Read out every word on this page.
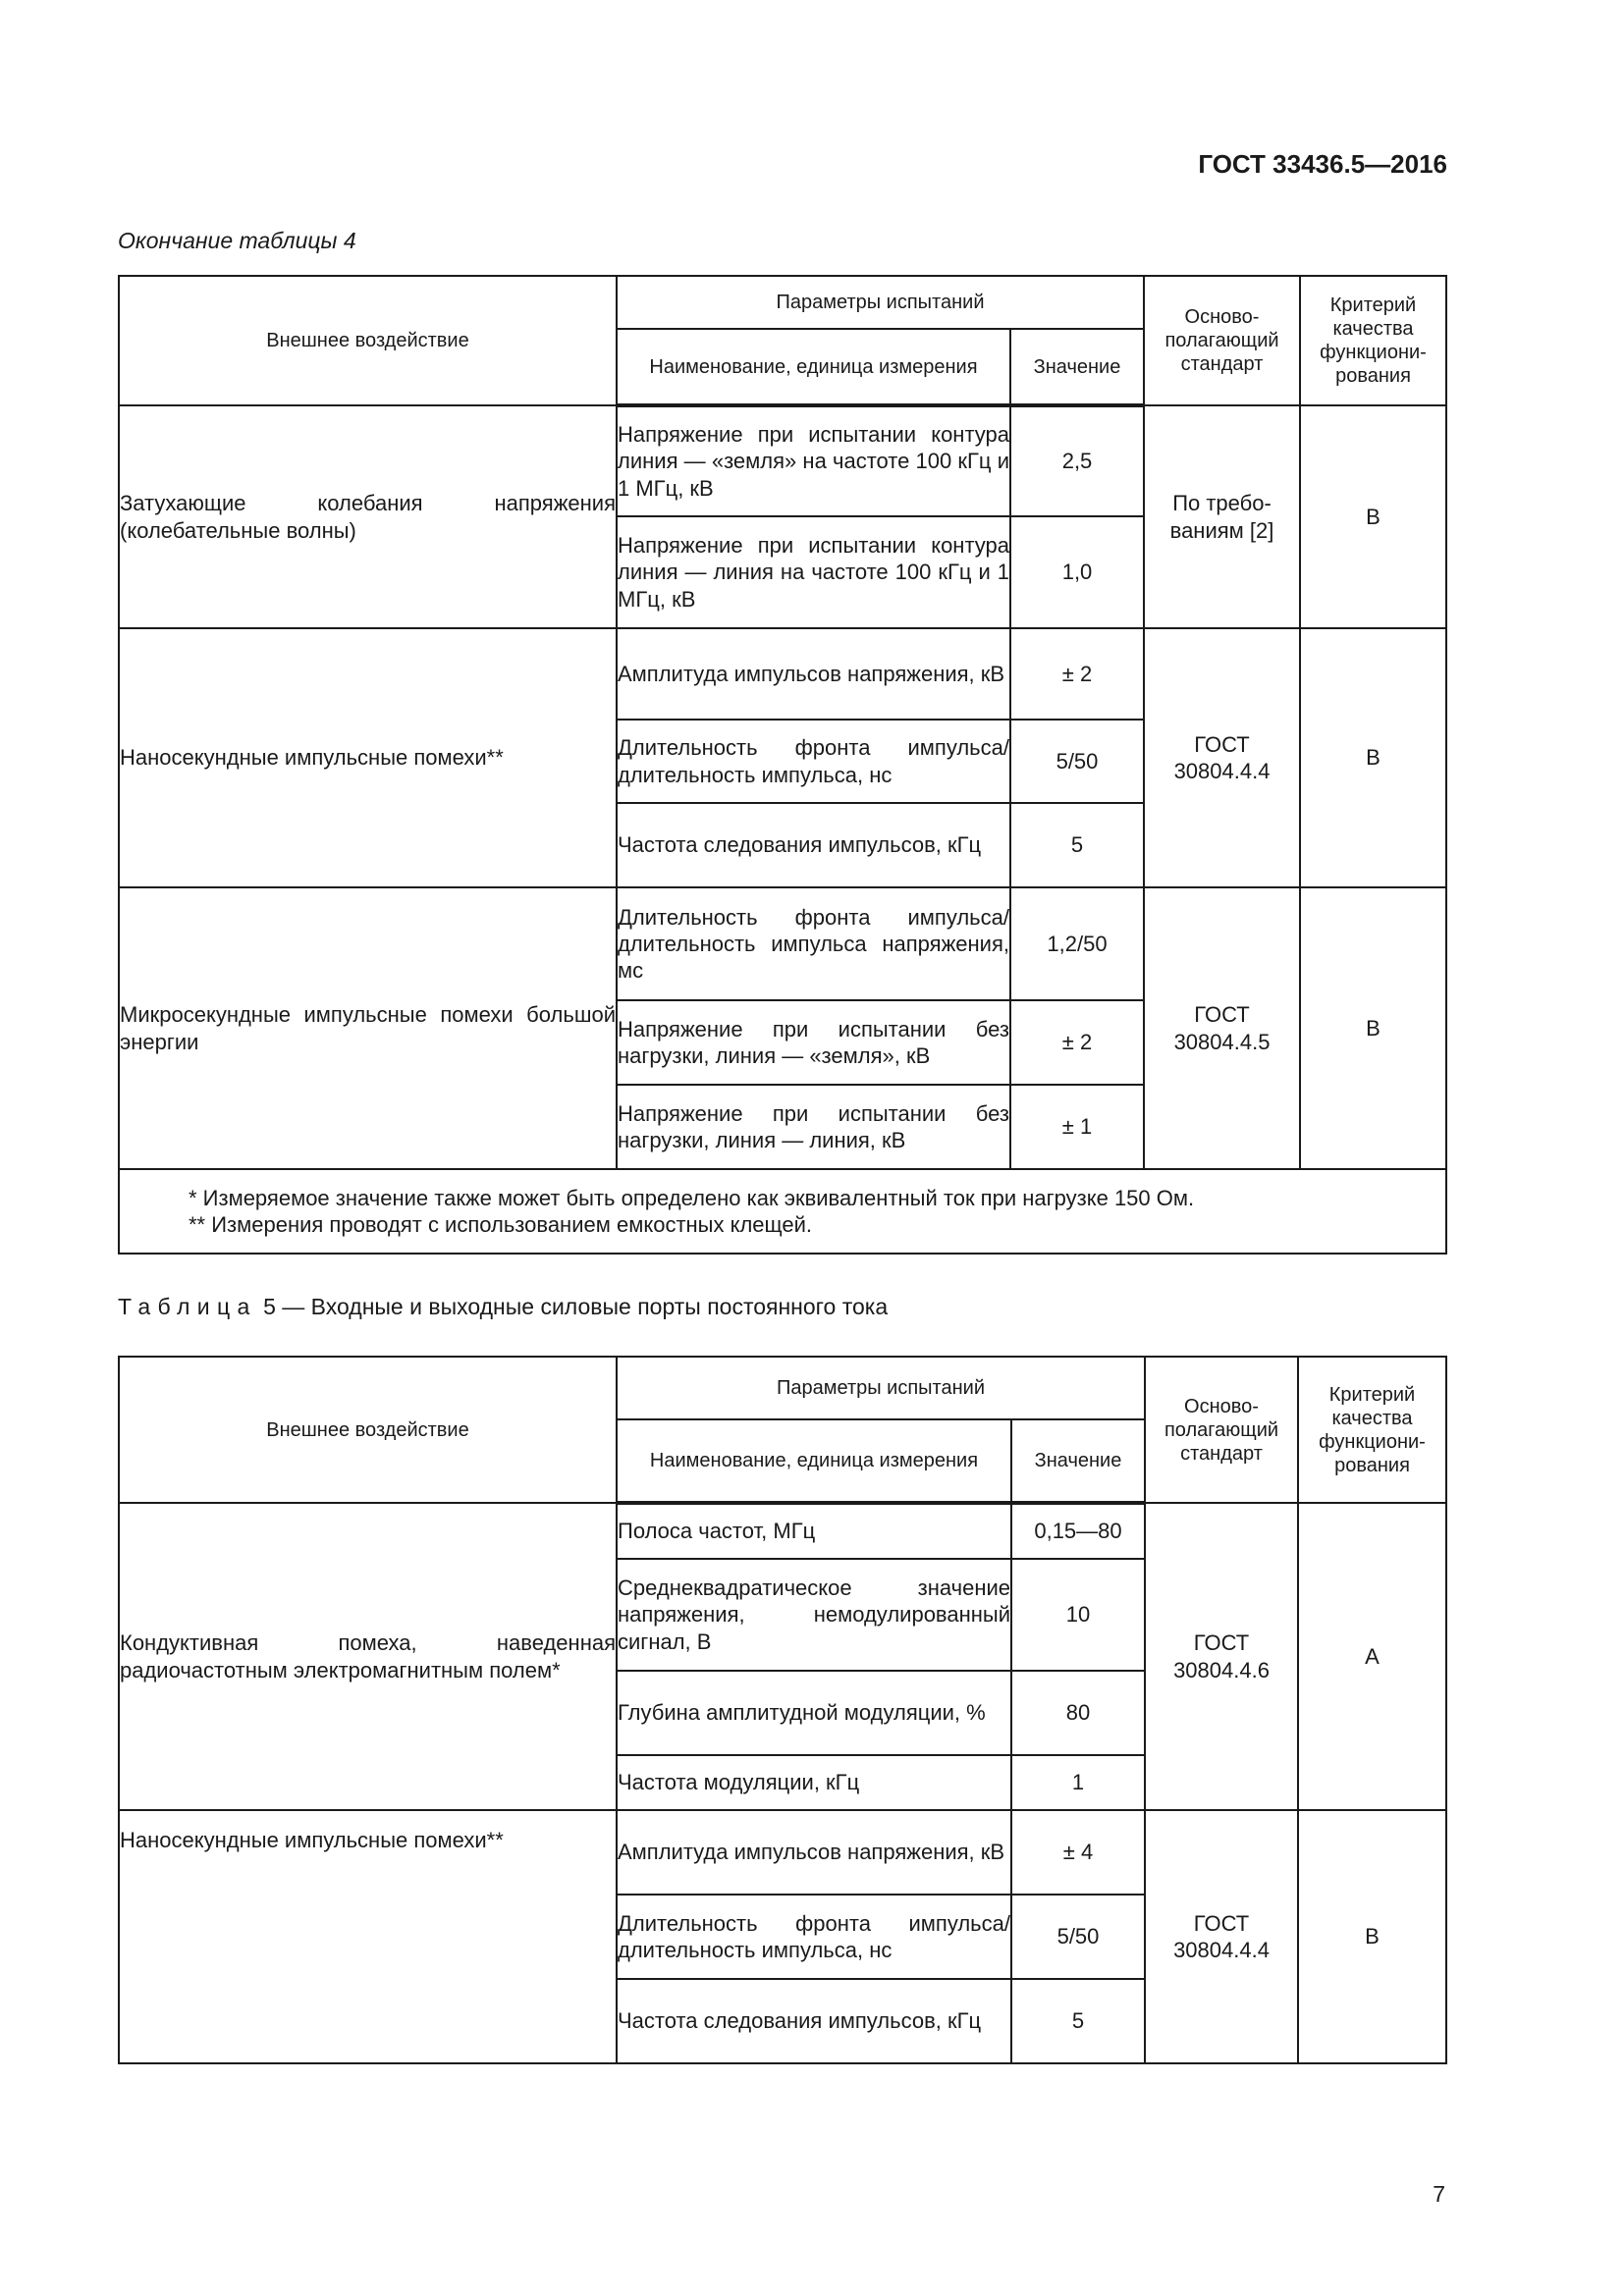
ГОСТ 33436.5—2016
Окончание таблицы 4
Внешнее воздействие	Параметры испытаний		Осново-полагающий стандарт	Критерий качества функциони-рования
	Наименование, единица измерения	Значение		
Затухающие колебания напряжения (колебательные волны)	Напряжение при испытании контура линия — «земля» на частоте 100 кГц и 1 МГц, кВ	2,5	По требо-ваниям [2]	B
	Напряжение при испытании контура линия — линия на частоте 100 кГц и 1 МГц, кВ	1,0		
Наносекундные импульсные помехи**	Амплитуда импульсов напряжения, кВ	± 2	ГОСТ 30804.4.4	B
	Длительность фронта импульса/длительность импульса, нс	5/50		
	Частота следования импульсов, кГц	5		
Микросекундные импульсные помехи большой энергии	Длительность фронта импульса/длительность импульса напряжения, мс	1,2/50	ГОСТ 30804.4.5	B
	Напряжение при испытании без нагрузки, линия — «земля», кВ	± 2		
	Напряжение при испытании без нагрузки, линия — линия, кВ	± 1		

* Измеряемое значение также может быть определено как эквивалентный ток при нагрузке 150 Ом.
** Измерения проводят с использованием емкостных клещей.				
Таблица 5 — Входные и выходные силовые порты постоянного тока
Внешнее воздействие	Параметры испытаний		Осново-полагающий стандарт	Критерий качества функциони-рования
	Наименование, единица измерения	Значение		
Кондуктивная помеха, наведенная радиочастотным электромагнитным полем*	Полоса частот, МГц	0,15—80	ГОСТ 30804.4.6	A
	Среднеквадратическое значение напряжения, немодулированный сигнал, В	10		
	Глубина амплитудной модуляции, %	80		
	Частота модуляции, кГц	1		
Наносекундные импульсные помехи**	Амплитуда импульсов напряжения, кВ	± 4	ГОСТ 30804.4.4	B
	Длительность фронта импульса/длительность импульса, нс	5/50		
	Частота следования импульсов, кГц	5		
7
